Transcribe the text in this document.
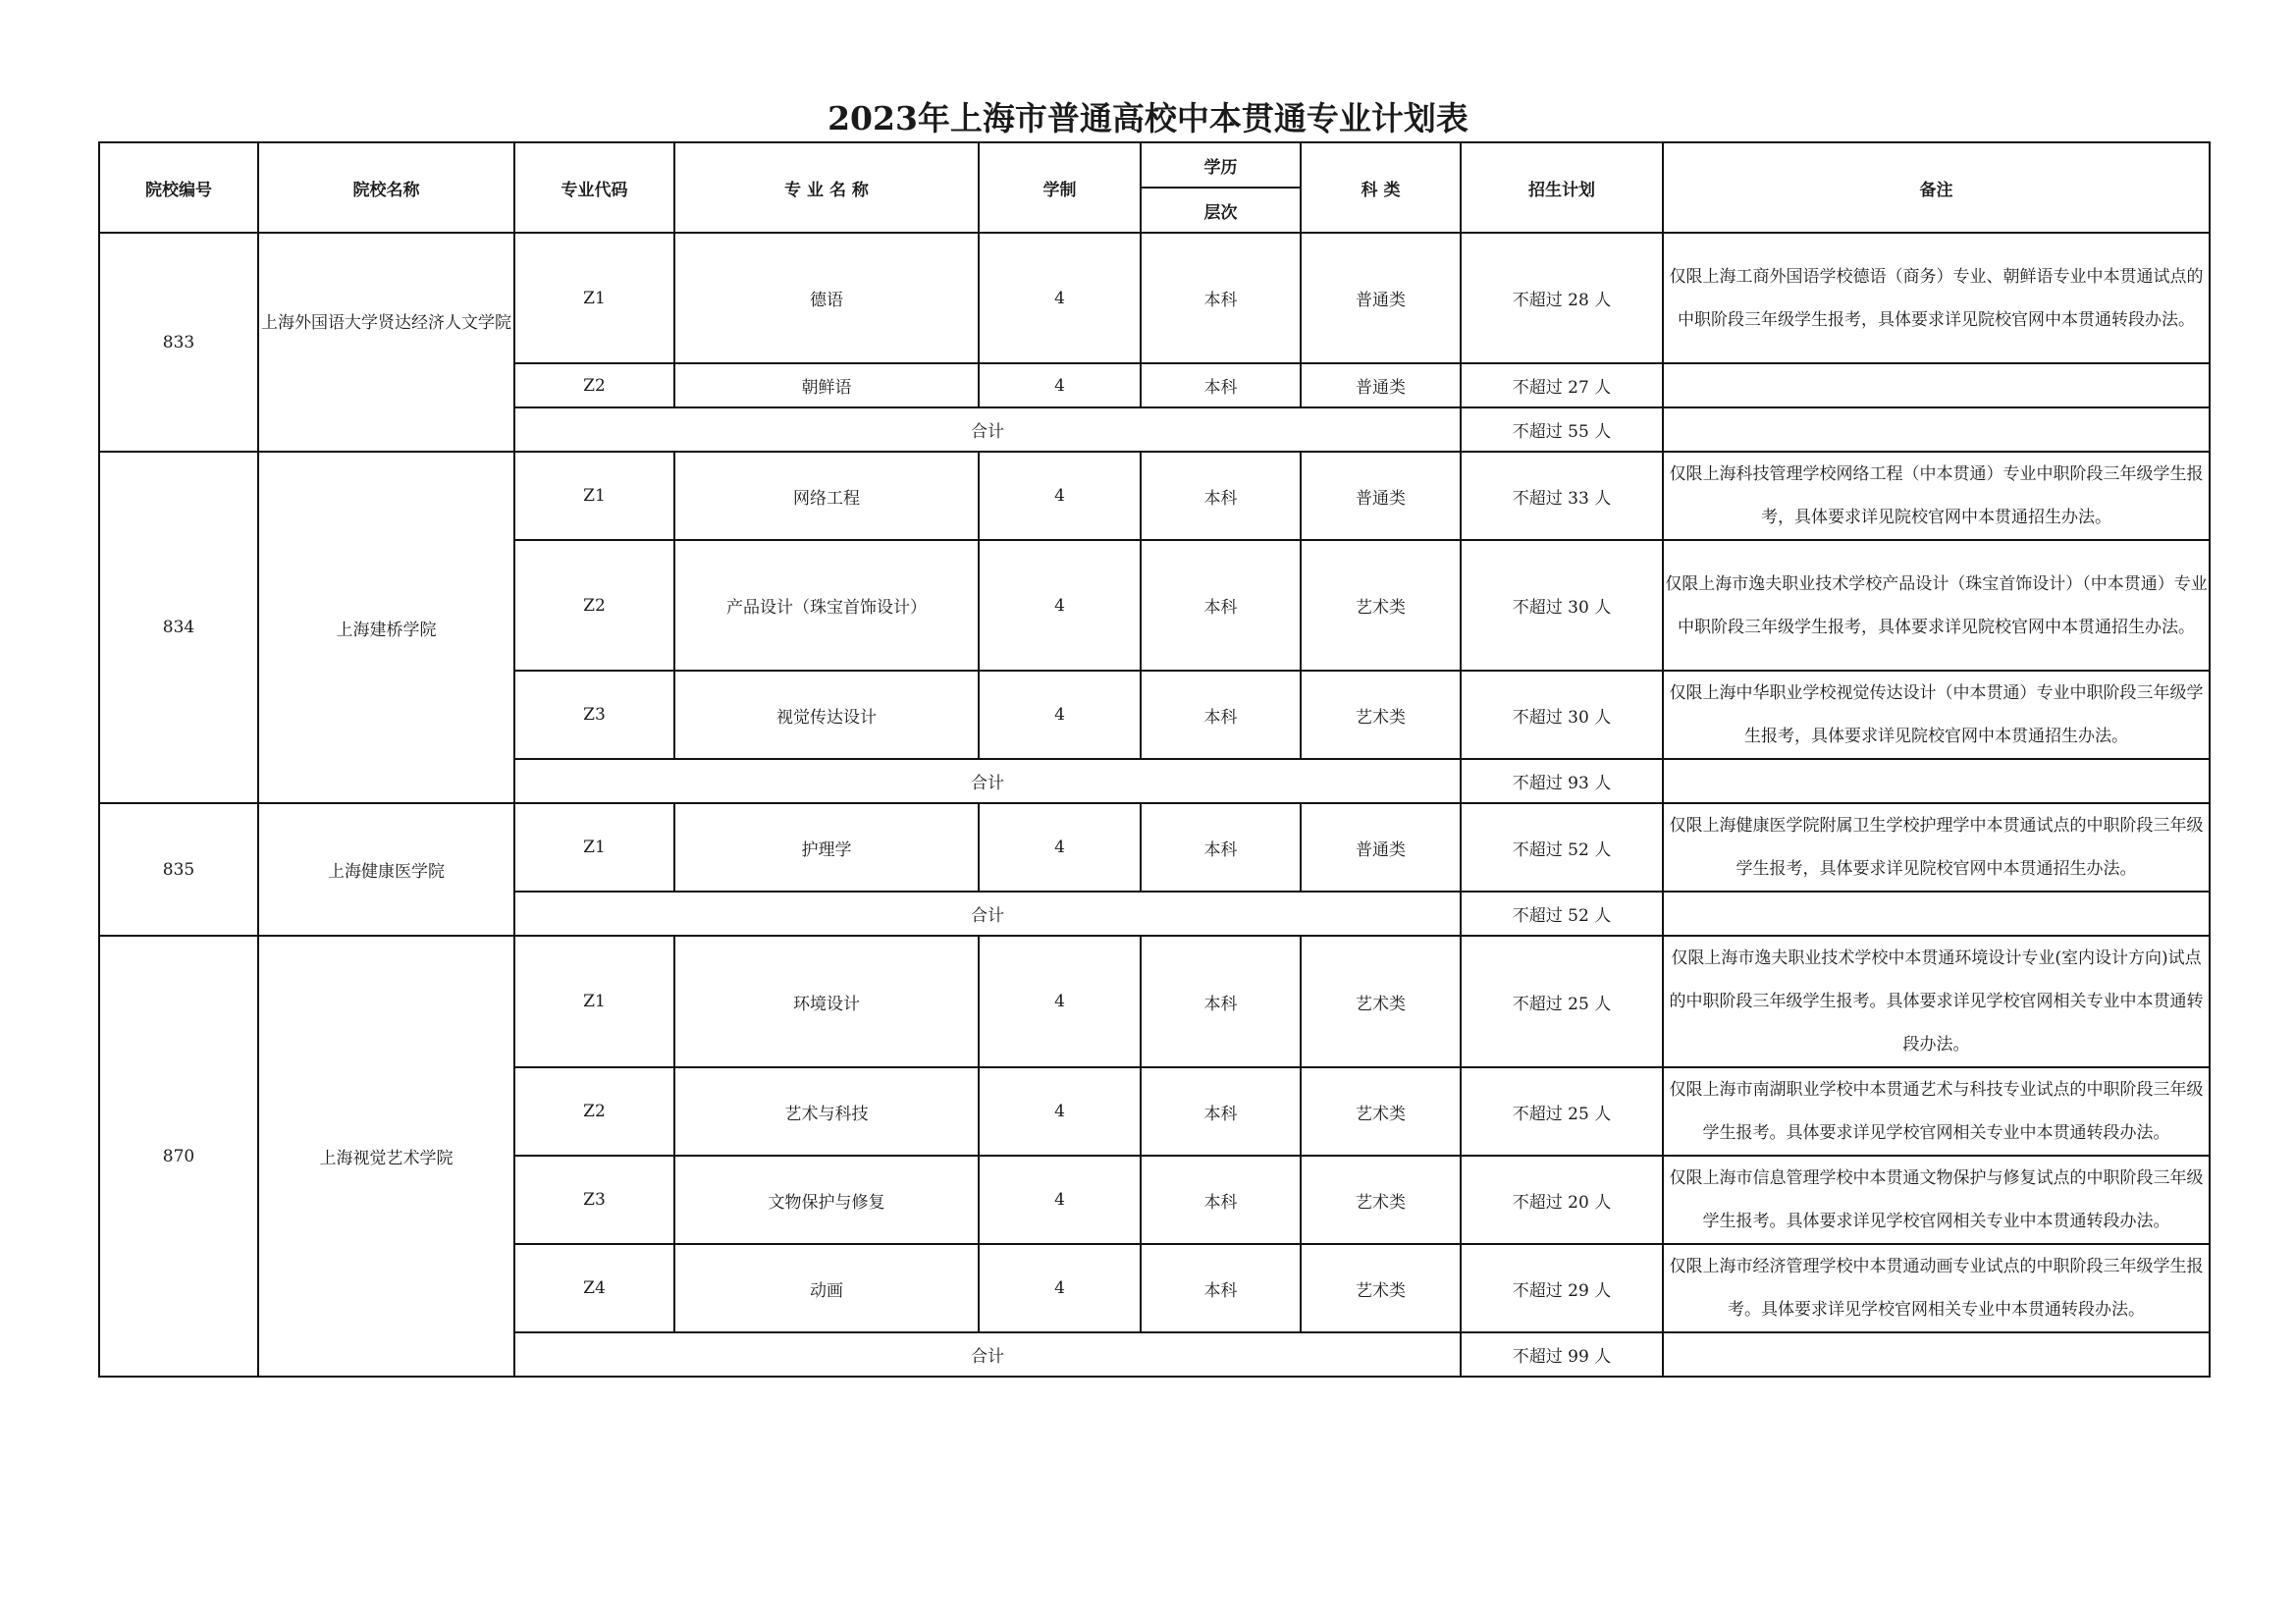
2023年上海市普通高校中本贯通专业计划表
院校编号	院校名称	专业代码	专 业 名 称	学制	学历	科 类	招生计划	备注
					层次			
833	上海外国语大学贤达经济人文学院	Z1	德语	4	本科	普通类	不超过 28 人	仅限上海工商外国语学校德语（商务）专业、朝鲜语专业中本贯通试点的中职阶段三年级学生报考，具体要求详见院校官网中本贯通转段办法。
		Z2	朝鲜语	4	本科	普通类	不超过 27 人	
		合计					不超过 55 人	
834	上海建桥学院	Z1	网络工程	4	本科	普通类	不超过 33 人	仅限上海科技管理学校网络工程（中本贯通）专业中职阶段三年级学生报考，具体要求详见院校官网中本贯通招生办法。
		Z2	产品设计（珠宝首饰设计）	4	本科	艺术类	不超过 30 人	仅限上海市逸夫职业技术学校产品设计（珠宝首饰设计）（中本贯通）专业中职阶段三年级学生报考，具体要求详见院校官网中本贯通招生办法。
		Z3	视觉传达设计	4	本科	艺术类	不超过 30 人	仅限上海中华职业学校视觉传达设计（中本贯通）专业中职阶段三年级学生报考，具体要求详见院校官网中本贯通招生办法。
		合计					不超过 93 人	
835	上海健康医学院	Z1	护理学	4	本科	普通类	不超过 52 人	仅限上海健康医学院附属卫生学校护理学中本贯通试点的中职阶段三年级学生报考，具体要求详见院校官网中本贯通招生办法。
		合计					不超过 52 人	
870	上海视觉艺术学院	Z1	环境设计	4	本科	艺术类	不超过 25 人	仅限上海市逸夫职业技术学校中本贯通环境设计专业(室内设计方向)试点的中职阶段三年级学生报考。具体要求详见学校官网相关专业中本贯通转段办法。
		Z2	艺术与科技	4	本科	艺术类	不超过 25 人	仅限上海市南湖职业学校中本贯通艺术与科技专业试点的中职阶段三年级学生报考。具体要求详见学校官网相关专业中本贯通转段办法。
		Z3	文物保护与修复	4	本科	艺术类	不超过 20 人	仅限上海市信息管理学校中本贯通文物保护与修复试点的中职阶段三年级学生报考。具体要求详见学校官网相关专业中本贯通转段办法。
		Z4	动画	4	本科	艺术类	不超过 29 人	仅限上海市经济管理学校中本贯通动画专业试点的中职阶段三年级学生报考。具体要求详见学校官网相关专业中本贯通转段办法。
		合计					不超过 99 人	
